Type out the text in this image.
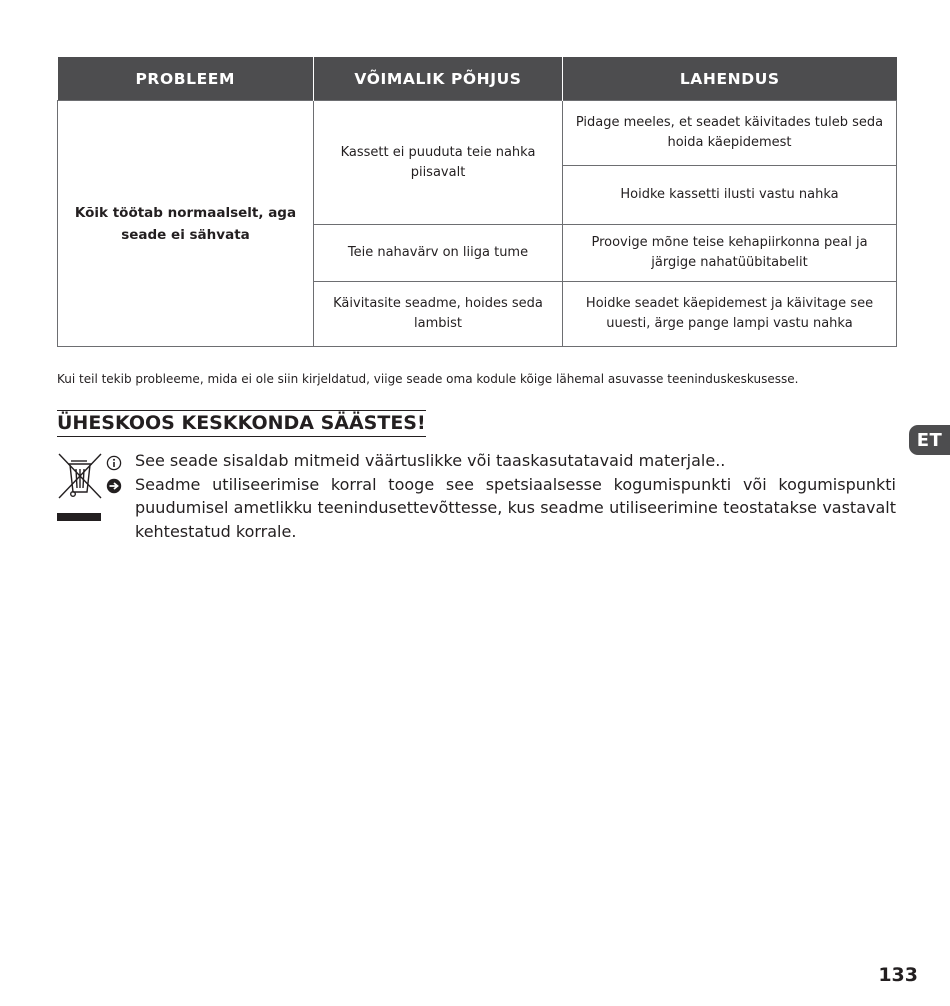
PROBLEEM	VÕIMALIK PÕHJUS	LAHENDUS
Kõik töötab normaalselt, aga seade ei sähvata	Kassett ei puuduta teie nahka piisavalt	Pidage meeles, et seadet käivitades tuleb seda hoida käepidemest
		Hoidke kassetti ilusti vastu nahka
	Teie nahavärv on liiga tume	Proovige mõne teise kehapiirkonna peal ja järgige nahatüübitabelit
	Käivitasite seadme, hoides seda lambist	Hoidke seadet käepidemest ja käivitage see uuesti, ärge pange lampi vastu nahka

Kui teil tekib probleeme, mida ei ole siin kirjeldatud, viige seade oma kodule kõige lähemal asuvasse teeninduskeskusesse.

ÜHESKOOS KESKKONDA SÄÄSTES!
ET

See seade sisaldab mitmeid väärtuslikke või taaskasutatavaid materjale..

Seadme utiliseerimise korral tooge see spetsiaalsesse kogumispunkti või kogumispunkti puudumisel ametlikku teenindusettevõttesse, kus seadme utiliseerimine teostatakse vastavalt kehtestatud korrale.

133
